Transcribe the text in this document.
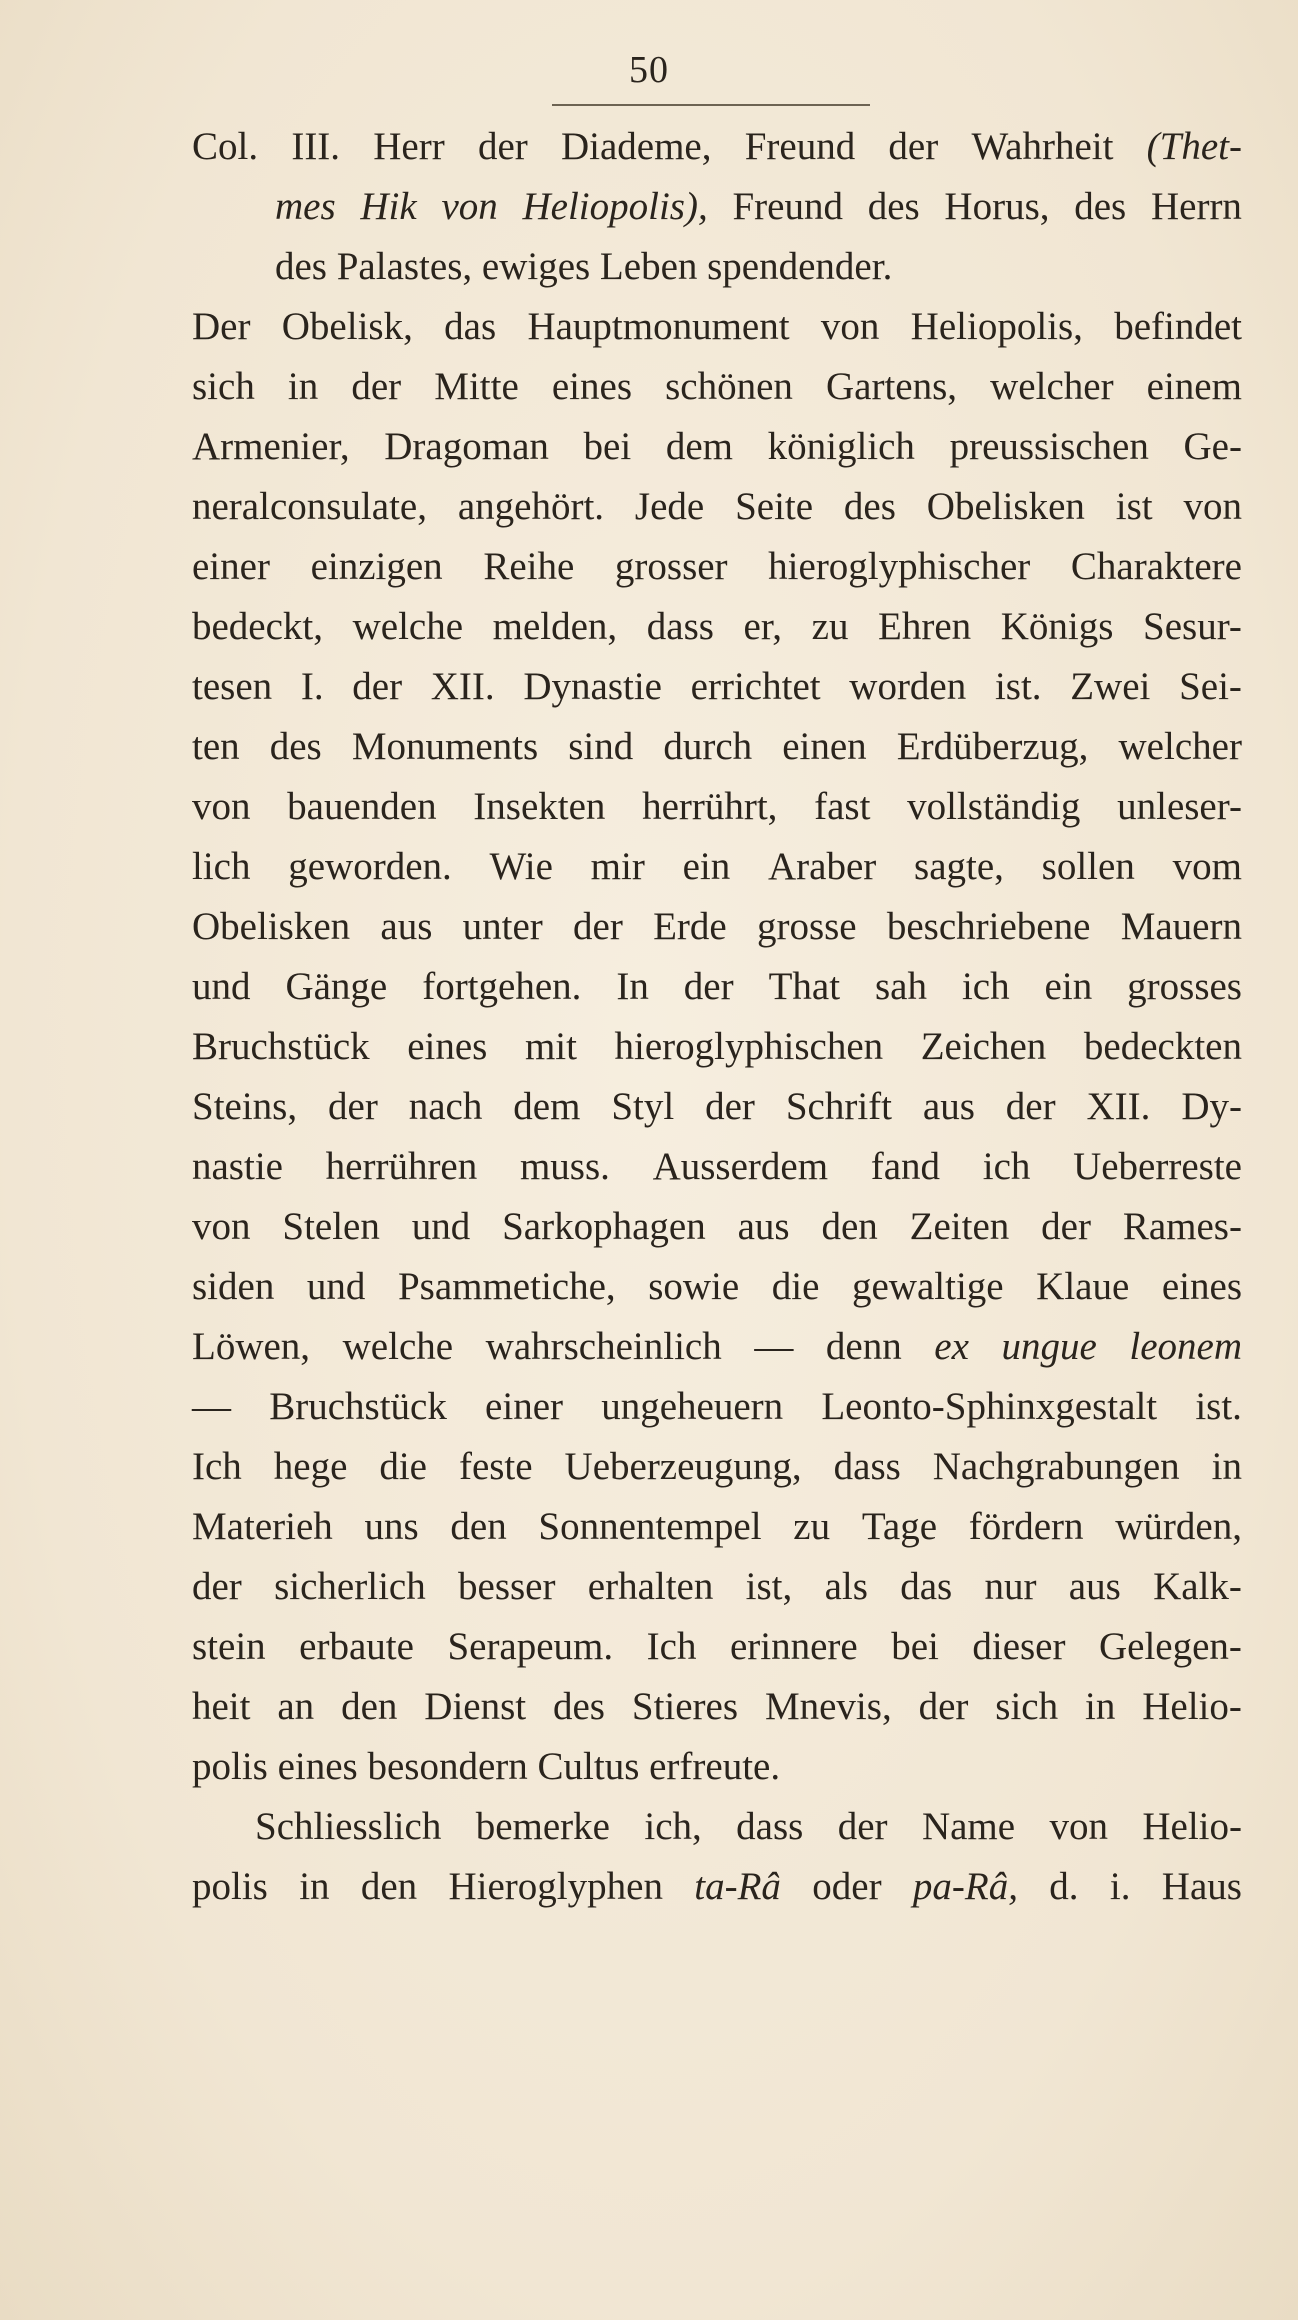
50
Col. III. Herr der Diademe, Freund der Wahrheit (Thet-
mes Hik von Heliopolis), Freund des Horus, des Herrn
des Palastes, ewiges Leben spendender.
Der Obelisk, das Hauptmonument von Heliopolis, befindet
sich in der Mitte eines schönen Gartens, welcher einem
Armenier, Dragoman bei dem königlich preussischen Ge-
neralconsulate, angehört. Jede Seite des Obelisken ist von
einer einzigen Reihe grosser hieroglyphischer Charaktere
bedeckt, welche melden, dass er, zu Ehren Königs Sesur-
tesen I. der XII. Dynastie errichtet worden ist. Zwei Sei-
ten des Monuments sind durch einen Erdüberzug, welcher
von bauenden Insekten herrührt, fast vollständig unleser-
lich geworden. Wie mir ein Araber sagte, sollen vom
Obelisken aus unter der Erde grosse beschriebene Mauern
und Gänge fortgehen. In der That sah ich ein grosses
Bruchstück eines mit hieroglyphischen Zeichen bedeckten
Steins, der nach dem Styl der Schrift aus der XII. Dy-
nastie herrühren muss. Ausserdem fand ich Ueberreste
von Stelen und Sarkophagen aus den Zeiten der Rames-
siden und Psammetiche, sowie die gewaltige Klaue eines
Löwen, welche wahrscheinlich — denn ex ungue leonem
— Bruchstück einer ungeheuern Leonto-Sphinxgestalt ist.
Ich hege die feste Ueberzeugung, dass Nachgrabungen in
Materieh uns den Sonnentempel zu Tage fördern würden,
der sicherlich besser erhalten ist, als das nur aus Kalk-
stein erbaute Serapeum. Ich erinnere bei dieser Gelegen-
heit an den Dienst des Stieres Mnevis, der sich in Helio-
polis eines besondern Cultus erfreute.
Schliesslich bemerke ich, dass der Name von Helio-
polis in den Hieroglyphen ta-Râ oder pa-Râ, d. i. Haus
